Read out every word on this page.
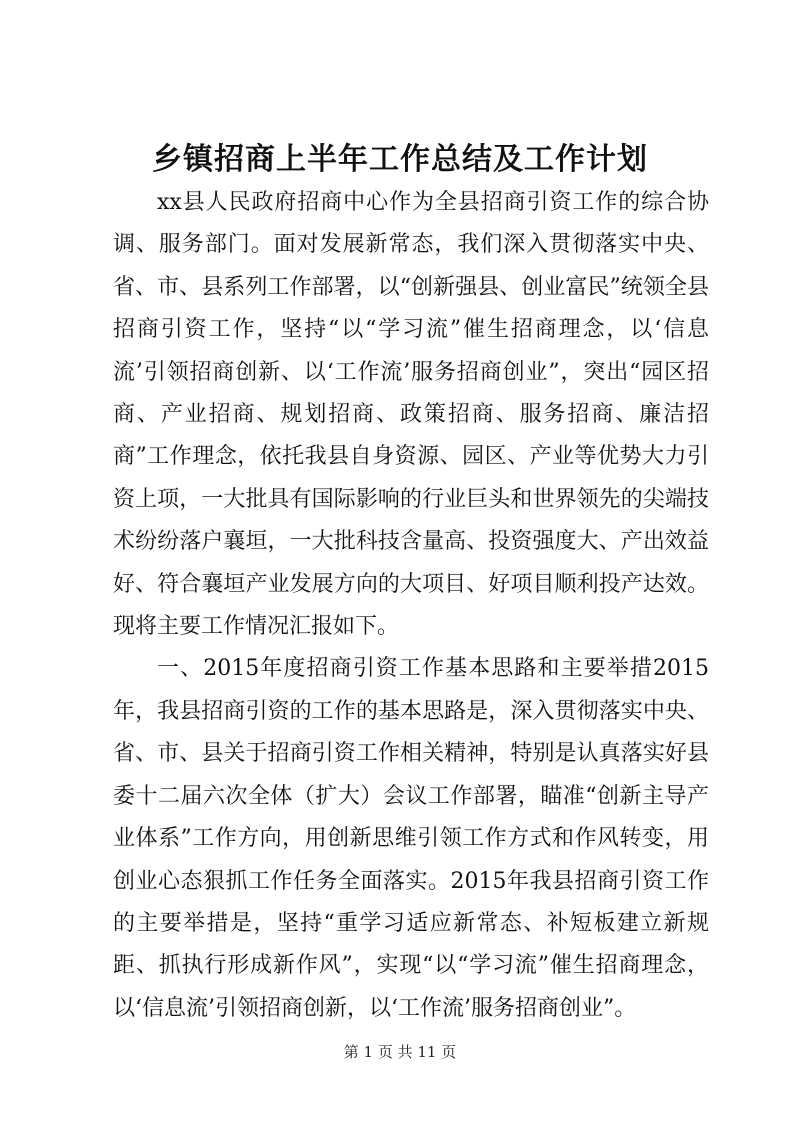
乡镇招商上半年工作总结及工作计划

xx县人民政府招商中心作为全县招商引资工作的综合协调、服务部门。面对发展新常态，我们深入贯彻落实中央、省、市、县系列工作部署，以“创新强县、创业富民”统领全县招商引资工作，坚持“以“学习流”催生招商理念，以‘信息流’引领招商创新、以‘工作流’服务招商创业”，突出“园区招商、产业招商、规划招商、政策招商、服务招商、廉洁招商”工作理念，依托我县自身资源、园区、产业等优势大力引资上项，一大批具有国际影响的行业巨头和世界领先的尖端技术纷纷落户襄垣，一大批科技含量高、投资强度大、产出效益好、符合襄垣产业发展方向的大项目、好项目顺利投产达效。现将主要工作情况汇报如下。

一、2015年度招商引资工作基本思路和主要举措2015年，我县招商引资的工作的基本思路是，深入贯彻落实中央、省、市、县关于招商引资工作相关精神，特别是认真落实好县委十二届六次全体（扩大）会议工作部署，瞄准“创新主导产业体系”工作方向，用创新思维引领工作方式和作风转变，用创业心态狠抓工作任务全面落实。2015年我县招商引资工作的主要举措是，坚持“重学习适应新常态、补短板建立新规距、抓执行形成新作风”，实现“以“学习流”催生招商理念，以‘信息流’引领招商创新，以‘工作流’服务招商创业”。

第 1 页 共 11 页
